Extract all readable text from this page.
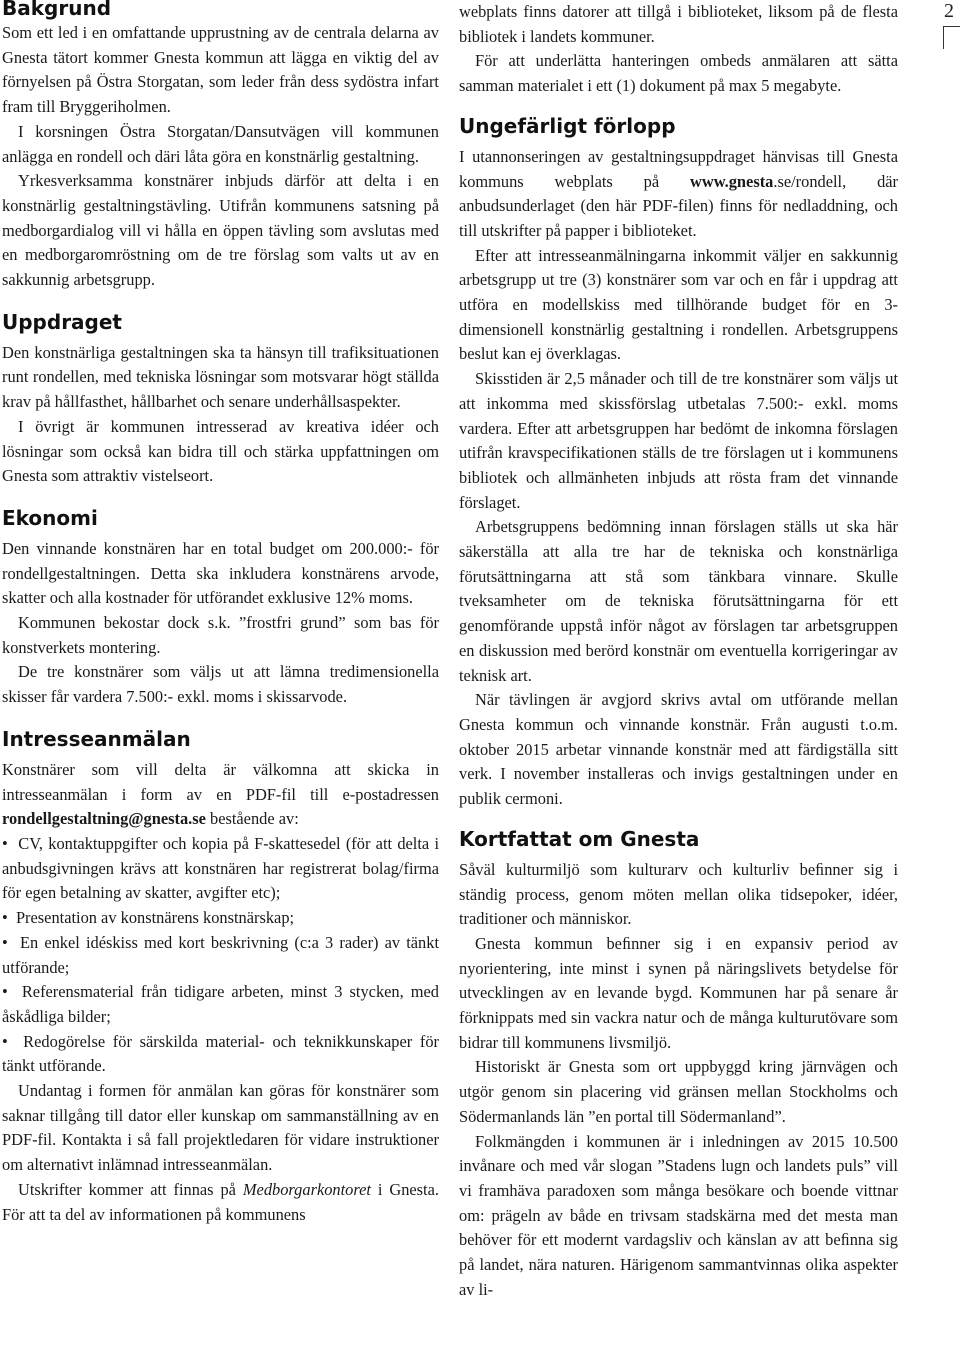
Bakgrund

Som ett led i en omfattande upprustning av de centrala delarna av Gnesta tätort kommer Gnesta kommun att lägga en viktig del av förnyelsen på Östra Storgatan, som leder från dess sydöstra infart fram till Bryggeriholmen.

I korsningen Östra Storgatan/Dansutvägen vill kommunen anlägga en rondell och däri låta göra en konstnärlig gestaltning.

Yrkesverksamma konstnärer inbjuds därför att delta i en konstnärlig gestaltningstävling. Utifrån kommunens satsning på medborgardialog vill vi hålla en öppen tävling som avslutas med en medborgaromröstning om de tre förslag som valts ut av en sakkunnig arbetsgrupp.

Uppdraget

Den konstnärliga gestaltningen ska ta hänsyn till trafiksituationen runt rondellen, med tekniska lösningar som motsvarar högt ställda krav på hållfasthet, hållbarhet och senare underhållsaspekter.

I övrigt är kommunen intresserad av kreativa idéer och lösningar som också kan bidra till och stärka uppfattningen om Gnesta som attraktiv vistelseort.

Ekonomi

Den vinnande konstnären har en total budget om 200.000:- för rondellgestaltningen. Detta ska inkludera konstnärens arvode, skatter och alla kostnader för utförandet exklusive 12% moms.

Kommunen bekostar dock s.k. ”frostfri grund” som bas för konstverkets montering.

De tre konstnärer som väljs ut att lämna tredimensionella skisser får vardera 7.500:- exkl. moms i skissarvode.

Intresseanmälan

Konstnärer som vill delta är välkomna att skicka in intresseanmälan i form av en PDF-fil till e-postadressen rondellgestaltning@gnesta.se bestående av:

•  CV, kontaktuppgifter och kopia på F-skattesedel (för att delta i anbudsgivningen krävs att konstnären har registrerat bolag/firma för egen betalning av skatter, avgifter etc);
•  Presentation av konstnärens konstnärskap;
•  En enkel idéskiss med kort beskrivning (c:a 3 rader) av tänkt utförande;
•  Referensmaterial från tidigare arbeten, minst 3 stycken, med åskådliga bilder;
•  Redogörelse för särskilda material- och teknikkunskaper för tänkt utförande.

Undantag i formen för anmälan kan göras för konstnärer som saknar tillgång till dator eller kunskap om sammanställning av en PDF-fil. Kontakta i så fall projektledaren för vidare instruktioner om alternativt inlämnad intresseanmälan.

Utskrifter kommer att finnas på Medborgarkontoret i Gnesta. För att ta del av informationen på kommunens

webplats finns datorer att tillgå i biblioteket, liksom på de flesta bibliotek i landets kommuner.

För att underlätta hanteringen ombeds anmälaren att sätta samman materialet i ett (1) dokument på max 5 megabyte.

Ungefärligt förlopp

I utannonseringen av gestaltningsuppdraget hänvisas till Gnesta kommuns webplats på www.gnesta.se/rondell, där anbudsunderlaget (den här PDF-filen) finns för nedladdning, och till utskrifter på papper i biblioteket.

Efter att intresseanmälningarna inkommit väljer en sakkunnig arbetsgrupp ut tre (3) konstnärer som var och en får i uppdrag att utföra en modellskiss med tillhörande budget för en 3-dimensionell konstnärlig gestaltning i rondellen. Arbetsgruppens beslut kan ej överklagas.

Skisstiden är 2,5 månader och till de tre konstnärer som väljs ut att inkomma med skissförslag utbetalas 7.500:- exkl. moms vardera. Efter att arbetsgruppen har bedömt de inkomna förslagen utifrån kravspecifikationen ställs de tre förslagen ut i kommunens bibliotek och allmänheten inbjuds att rösta fram det vinnande förslaget.

Arbetsgruppens bedömning innan förslagen ställs ut ska här säkerställa att alla tre har de tekniska och konstnärliga förutsättningarna att stå som tänkbara vinnare. Skulle tveksamheter om de tekniska förutsättningarna för ett genomförande uppstå inför något av förslagen tar arbetsgruppen en diskussion med berörd konstnär om eventuella korrigeringar av teknisk art.

När tävlingen är avgjord skrivs avtal om utförande mellan Gnesta kommun och vinnande konstnär. Från augusti t.o.m. oktober 2015 arbetar vinnande konstnär med att färdigställa sitt verk. I november installeras och invigs gestaltningen under en publik cermoni.

Kortfattat om Gnesta

Såväl kulturmiljö som kulturarv och kulturliv beﬁnner sig i ständig process, genom möten mellan olika tidsepoker, idéer, traditioner och människor.

Gnesta kommun beﬁnner sig i en expansiv period av nyorientering, inte minst i synen på näringslivets betydelse för utvecklingen av en levande bygd. Kommunen har på senare år förknippats med sin vackra natur och de många kulturutövare som bidrar till kommunens livsmiljö.

Historiskt är Gnesta som ort uppbyggd kring järnvägen och utgör genom sin placering vid gränsen mellan Stockholms och Södermanlands län ”en portal till Södermanland”.

Folkmängden i kommunen är i inledningen av 2015 10.500 invånare och med vår slogan ”Stadens lugn och landets puls” vill vi framhäva paradoxen som många besökare och boende vittnar om: prägeln av både en trivsam stadskärna med det mesta man behöver för ett modernt vardagsliv och känslan av att beﬁnna sig på landet, nära naturen. Härigenom sammantvinnas olika aspekter av li-

2
